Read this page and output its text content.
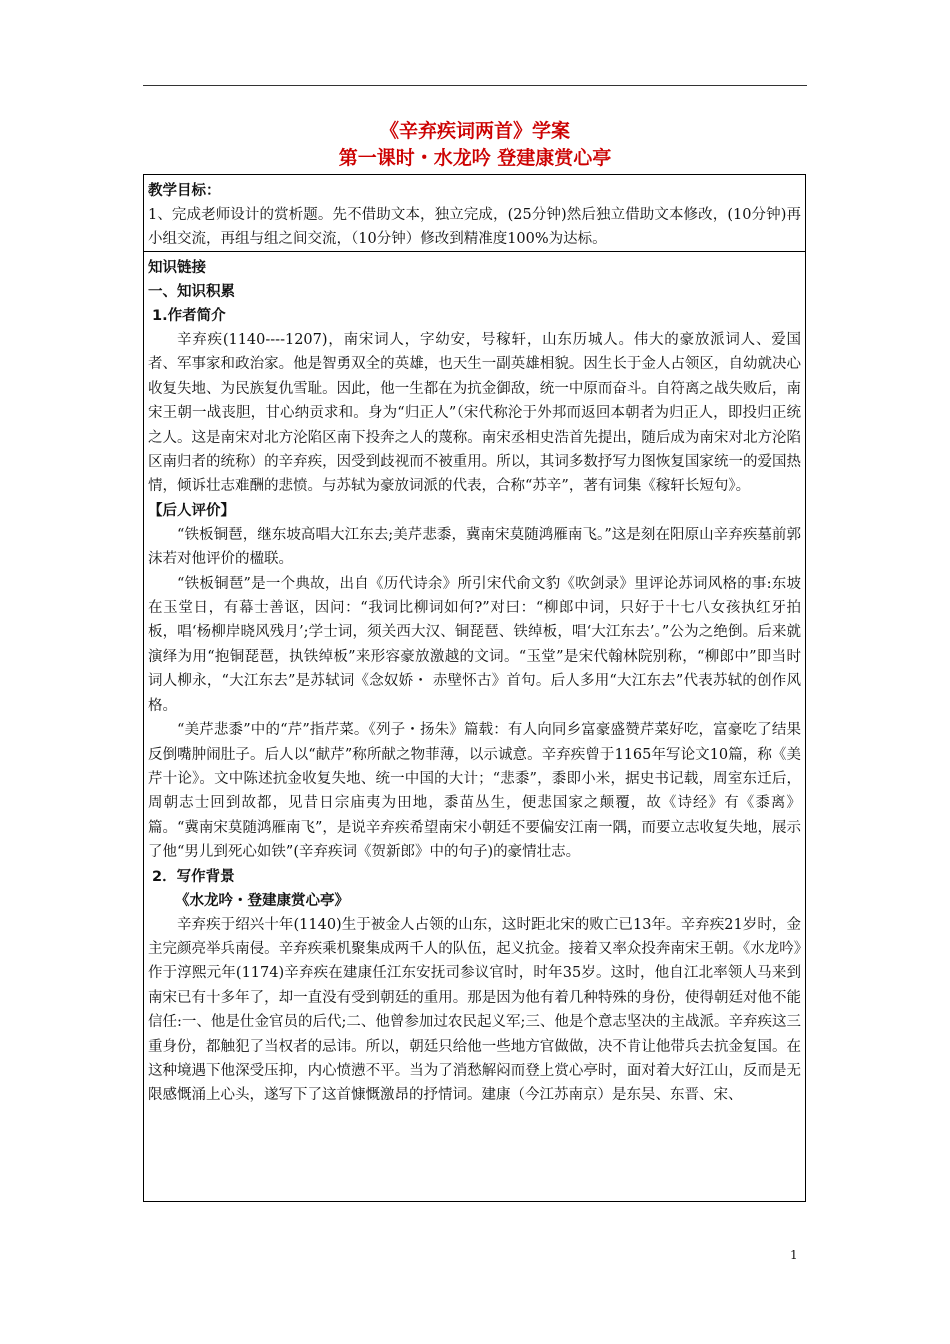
《辛弃疾词两首》学案
第一课时・水龙吟 登建康赏心亭
教学目标：
1、完成老师设计的赏析题。先不借助文本，独立完成，(25分钟)然后独立借助文本修改，(10分钟)再小组交流，再组与组之间交流，（10分钟）修改到精准度100%为达标。
知识链接
一、知识积累
1.作者简介
辛弃疾(1140----1207)，南宋词人，字幼安，号稼轩，山东历城人。伟大的豪放派词人、爱国者、军事家和政治家。他是智勇双全的英雄，也天生一副英雄相貌。因生长于金人占领区，自幼就决心收复失地、为民族复仇雪耻。因此，他一生都在为抗金御敌，统一中原而奋斗。自符离之战失败后，南宋王朝一战丧胆，甘心纳贡求和。身为“归正人”（宋代称沦于外邦而返回本朝者为归正人，即投归正统之人。这是南宋对北方沦陷区南下投奔之人的蔑称。南宋丞相史浩首先提出，随后成为南宋对北方沦陷区南归者的统称）的辛弃疾，因受到歧视而不被重用。所以，其词多数抒写力图恢复国家统一的爱国热情，倾诉壮志难酬的悲愤。与苏轼为豪放词派的代表，合称“苏辛”，著有词集《稼轩长短句》。
【后人评价】
“铁板铜琶，继东坡高唱大江东去;美芹悲黍，冀南宋莫随鸿雁南飞。”这是刻在阳原山辛弃疾墓前郭沫若对他评价的楹联。
“铁板铜琶”是一个典故，出自《历代诗余》所引宋代俞文豹《吹剑录》里评论苏词风格的事:东坡在玉堂日，有幕士善讴，因问：“我词比柳词如何?”对曰：“柳郎中词，只好于十七八女孩执红牙拍板，唱‘杨柳岸晓风残月’;学士词，须关西大汉、铜琵琶、铁绰板，唱‘大江东去’。”公为之绝倒。后来就演绎为用“抱铜琵琶，执铁绰板”来形容豪放激越的文词。“玉堂”是宋代翰林院别称，“柳郎中”即当时词人柳永，“大江东去”是苏轼词《念奴娇・ 赤壁怀古》首句。后人多用“大江东去”代表苏轼的创作风格。
“美芹悲黍”中的“芹”指芹菜。《列子・扬朱》篇载：有人向同乡富豪盛赞芹菜好吃，富豪吃了结果反倒嘴肿闹肚子。后人以“献芹”称所献之物菲薄，以示诚意。辛弃疾曾于1165年写论文10篇，称《美芹十论》。文中陈述抗金收复失地、统一中国的大计；“悲黍”，黍即小米，据史书记载，周室东迁后，周朝志士回到故都，见昔日宗庙夷为田地，黍苗丛生，便悲国家之颠覆，故《诗经》有《黍离》篇。“冀南宋莫随鸿雁南飞”，是说辛弃疾希望南宋小朝廷不要偏安江南一隅，而要立志收复失地，展示了他“男儿到死心如铁”(辛弃疾词《贺新郎》中的句子)的豪情壮志。
2．写作背景
《水龙吟・登建康赏心亭》
辛弃疾于绍兴十年(1140)生于被金人占领的山东，这时距北宋的败亡已13年。辛弃疾21岁时，金主完颜亮举兵南侵。辛弃疾乘机聚集成两千人的队伍，起义抗金。接着又率众投奔南宋王朝。《水龙吟》作于淳熙元年(1174)辛弃疾在建康任江东安抚司参议官时，时年35岁。这时，他自江北率领人马来到南宋已有十多年了，却一直没有受到朝廷的重用。那是因为他有着几种特殊的身份，使得朝廷对他不能信任:一、他是仕金官员的后代;二、他曾参加过农民起义军;三、他是个意志坚决的主战派。辛弃疾这三重身份，都触犯了当权者的忌讳。所以，朝廷只给他一些地方官做做，决不肯让他带兵去抗金复国。在这种境遇下他深受压抑，内心愤懑不平。当为了消愁解闷而登上赏心亭时，面对着大好江山，反而是无限感慨涌上心头，遂写下了这首慷慨激昂的抒情词。建康（今江苏南京）是东吴、东晋、宋、
1
